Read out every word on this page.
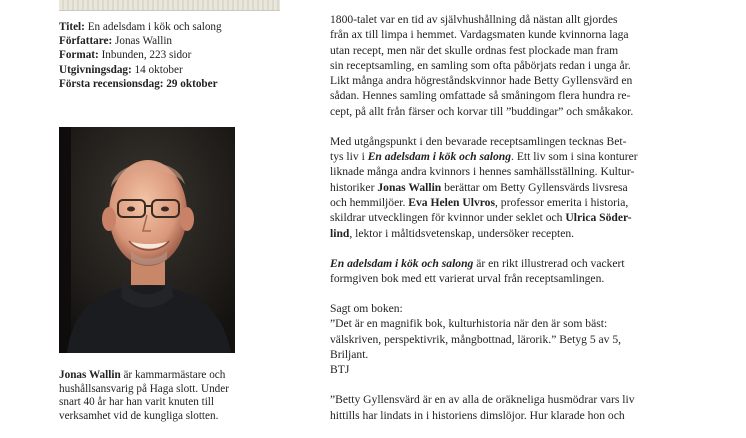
Titel: En adelsdam i kök och salong
Författare: Jonas Wallin
Format: Inbunden, 223 sidor
Utgivningsdag: 14 oktober
Första recensionsdag: 29 oktober
Jonas Wallin är kammarmästare och
hushållsansvarig på Haga slott. Under
snart 40 år har han varit knuten till
verksamhet vid de kungliga slotten.

1800-talet var en tid av självhushållning då nästan allt gjordes
från ax till limpa i hemmet. Vardagsmaten kunde kvinnorna laga
utan recept, men när det skulle ordnas fest plockade man fram
sin receptsamling, en samling som ofta påbörjats redan i unga år.
Likt många andra högreståndskvinnor hade Betty Gyllensvärd en
sådan. Hennes samling omfattade så småningom flera hundra re-
cept, på allt från färser och korvar till ”buddingar” och småkakor.

Med utgångspunkt i den bevarade receptsamlingen tecknas Bet-
tys liv i En adelsdam i kök och salong. Ett liv som i sina konturer
liknade många andra kvinnors i hennes samhällsställning. Kultur-
historiker Jonas Wallin berättar om Betty Gyllensvärds livsresa
och hemmiljöer. Eva Helen Ulvros, professor emerita i historia,
skildrar utvecklingen för kvinnor under seklet och Ulrica Söder-
lind, lektor i måltidsvetenskap, undersöker recepten.

En adelsdam i kök och salong är en rikt illustrerad och vackert
formgiven bok med ett varierat urval från receptsamlingen.

Sagt om boken:
”Det är en magnifik bok, kulturhistoria när den är som bäst:
välskriven, perspektivrik, mångbottnad, lärorik.” Betyg 5 av 5,
Briljant.
BTJ

”Betty Gyllensvärd är en av alla de oräkneliga husmödrar vars liv
hittills har lindats in i historiens dimslöjor. Hur klarade hon och
